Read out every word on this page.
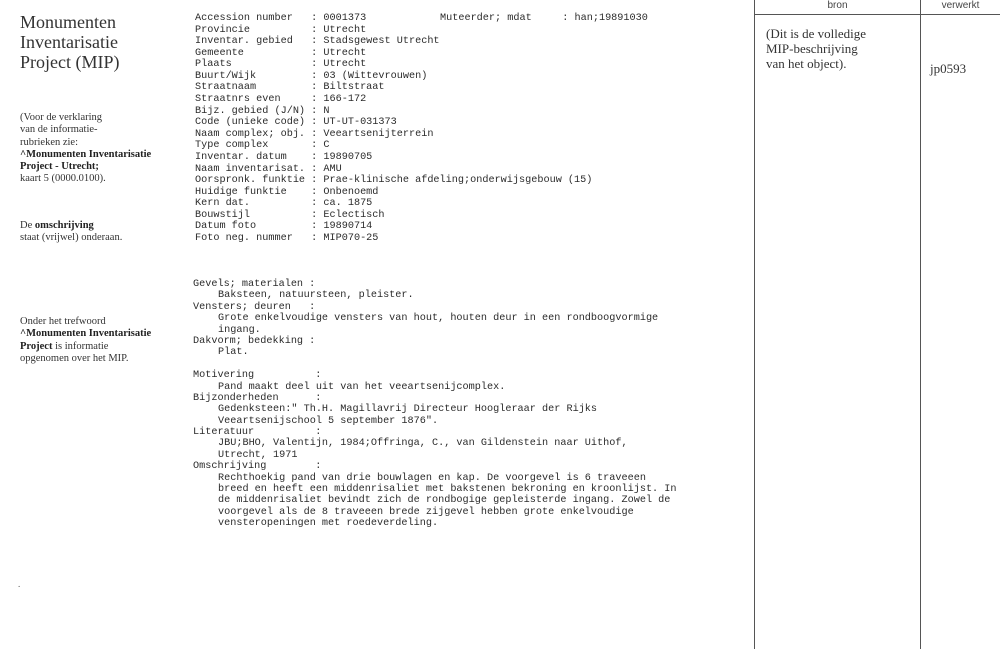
Monumenten
Inventarisatie
Project (MIP)
(Voor de verklaring
van de informatie-
rubrieken zie:
^Monumenten Inventarisatie
Project - Utrecht;
kaart 5 (0000.0100).
De omschrijving
staat (vrijwel) onderaan.
Onder het trefwoord
^Monumenten Inventarisatie
Project is informatie
opgenomen over het MIP.
.
Muteerder; mdat     : han;19891030
Accession number   : 0001373
Provincie          : Utrecht
Inventar. gebied   : Stadsgewest Utrecht
Gemeente           : Utrecht
Plaats             : Utrecht
Buurt/Wijk         : 03 (Wittevrouwen)
Straatnaam         : Biltstraat
Straatnrs even     : 166-172
Bijz. gebied (J/N) : N
Code (unieke code) : UT-UT-031373
Naam complex; obj. : Veeartsenijterrein
Type complex       : C
Inventar. datum    : 19890705
Naam inventarisat. : AMU
Oorspronk. funktie : Prae-klinische afdeling;onderwijsgebouw (15)
Huidige funktie    : Onbenoemd
Kern dat.          : ca. 1875
Bouwstijl          : Eclectisch
Datum foto         : 19890714
Foto neg. nummer   : MIP070-25
Gevels; materialen :
Baksteen, natuursteen, pleister.
Vensters; deuren   :
Grote enkelvoudige vensters van hout, houten deur in een rondboogvormige
ingang.
Dakvorm; bedekking :
Plat.
Motivering          :
Pand maakt deel uit van het veeartsenijcomplex.
Bijzonderheden      :
Gedenksteen:" Th.H. Magillavrij Directeur Hoogleraar der Rijks
Veeartsenijschool 5 september 1876".
Literatuur          :
JBU;BHO, Valentijn, 1984;Offringa, C., van Gildenstein naar Uithof,
Utrecht, 1971
Omschrijving        :
Rechthoekig pand van drie bouwlagen en kap. De voorgevel is 6 traveeen
breed en heeft een middenrisaliet met bakstenen bekroning en kroonlijst. In
de middenrisaliet bevindt zich de rondbogige gepleisterde ingang. Zowel de
voorgevel als de 8 traveeen brede zijgevel hebben grote enkelvoudige
vensteropeningen met roedeverdeling.
bron	verwerkt
(Dit is de volledige
MIP-beschrijving
van het object).	jp0593
